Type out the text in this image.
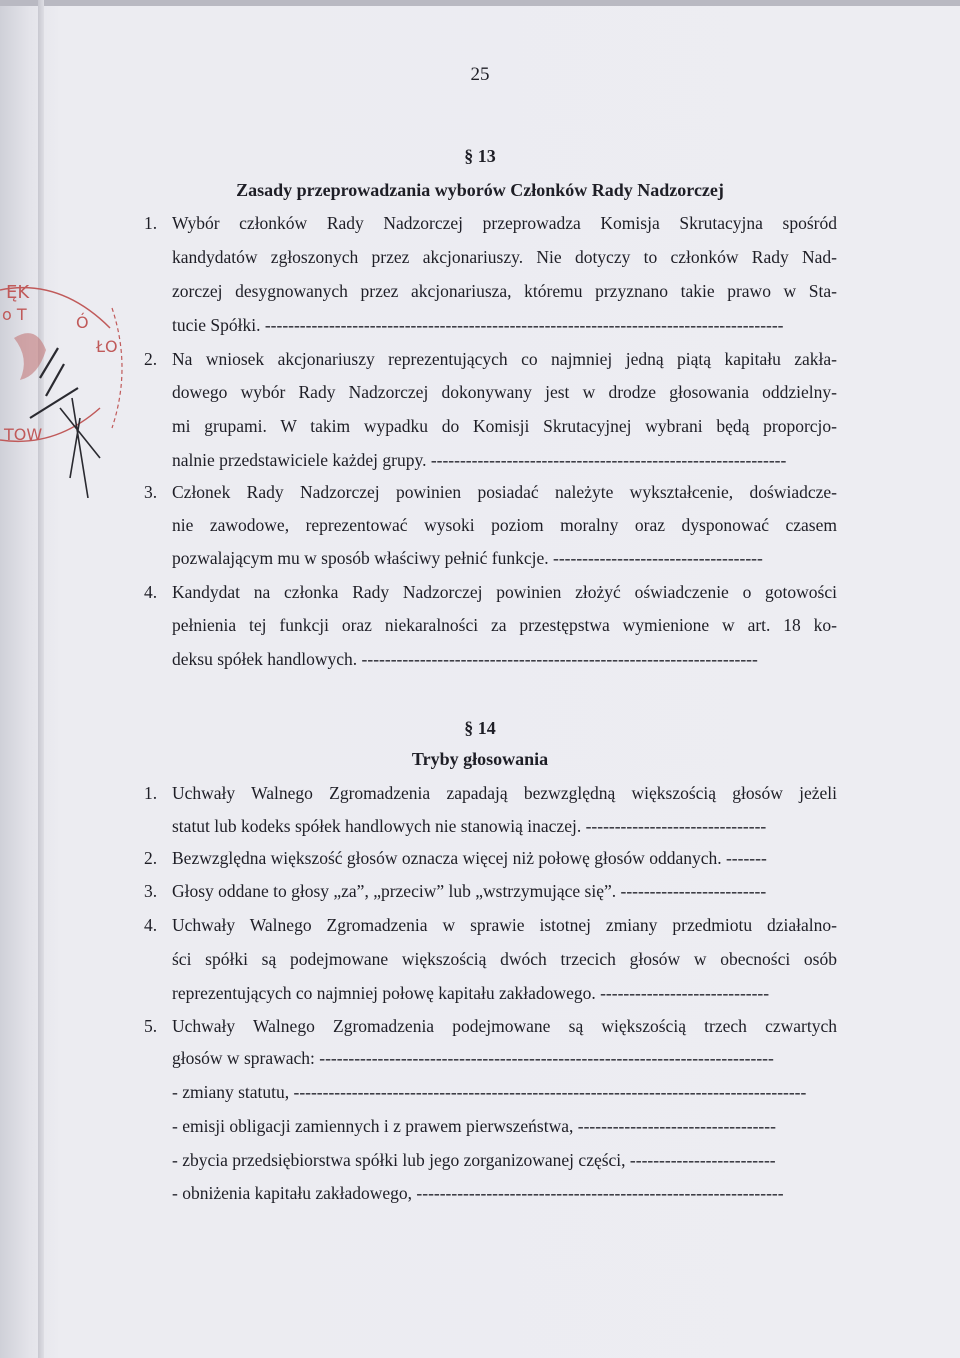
ĘK
o T	Ó
ŁO
TOW
25
§ 13
Zasady przeprowadzania wyborów Członków Rady Nadzorczej
1. Wybór członków Rady Nadzorczej przeprowadza Komisja Skrutacyjna spośród
kandydatów zgłoszonych przez akcjonariuszy. Nie dotyczy to członków Rady Nad-
zorczej desygnowanych przez akcjonariusza, któremu przyznano takie prawo w Sta-
tucie Spółki. -----------------------------------------------------------------------------------------
2. Na wniosek akcjonariuszy reprezentujących co najmniej jedną piątą kapitału zakła-
dowego wybór Rady Nadzorczej dokonywany jest w drodze głosowania oddzielny-
mi grupami. W takim wypadku do Komisji Skrutacyjnej wybrani będą proporcjo-
nalnie przedstawiciele każdej grupy. -------------------------------------------------------------
3. Członek Rady Nadzorczej powinien posiadać należyte wykształcenie, doświadcze-
nie zawodowe, reprezentować wysoki poziom moralny oraz dysponować czasem
pozwalającym mu w sposób właściwy pełnić funkcje. ------------------------------------
4. Kandydat na członka Rady Nadzorczej powinien złożyć oświadczenie o gotowości
pełnienia tej funkcji oraz niekaralności za przestępstwa wymienione w art. 18 ko-
deksu spółek handlowych. --------------------------------------------------------------------
§ 14
Tryby głosowania
1. Uchwały Walnego Zgromadzenia zapadają bezwzględną większością głosów jeżeli
statut lub kodeks spółek handlowych nie stanowią inaczej. -------------------------------
2. Bezwzględna większość głosów oznacza więcej niż połowę głosów oddanych. -------
3. Głosy oddane to głosy „za”, „przeciw” lub „wstrzymujące się”. -------------------------
4. Uchwały Walnego Zgromadzenia w sprawie istotnej zmiany przedmiotu działalno-
ści spółki są podejmowane większością dwóch trzecich głosów w obecności osób
reprezentujących co najmniej połowę kapitału zakładowego. -----------------------------
5. Uchwały Walnego Zgromadzenia podejmowane są większością trzech czwartych
głosów w sprawach: ------------------------------------------------------------------------------
- zmiany statutu, ----------------------------------------------------------------------------------------
- emisji obligacji zamiennych i z prawem pierwszeństwa, ----------------------------------
- zbycia przedsiębiorstwa spółki lub jego zorganizowanej części, -------------------------
- obniżenia kapitału zakładowego, ---------------------------------------------------------------
